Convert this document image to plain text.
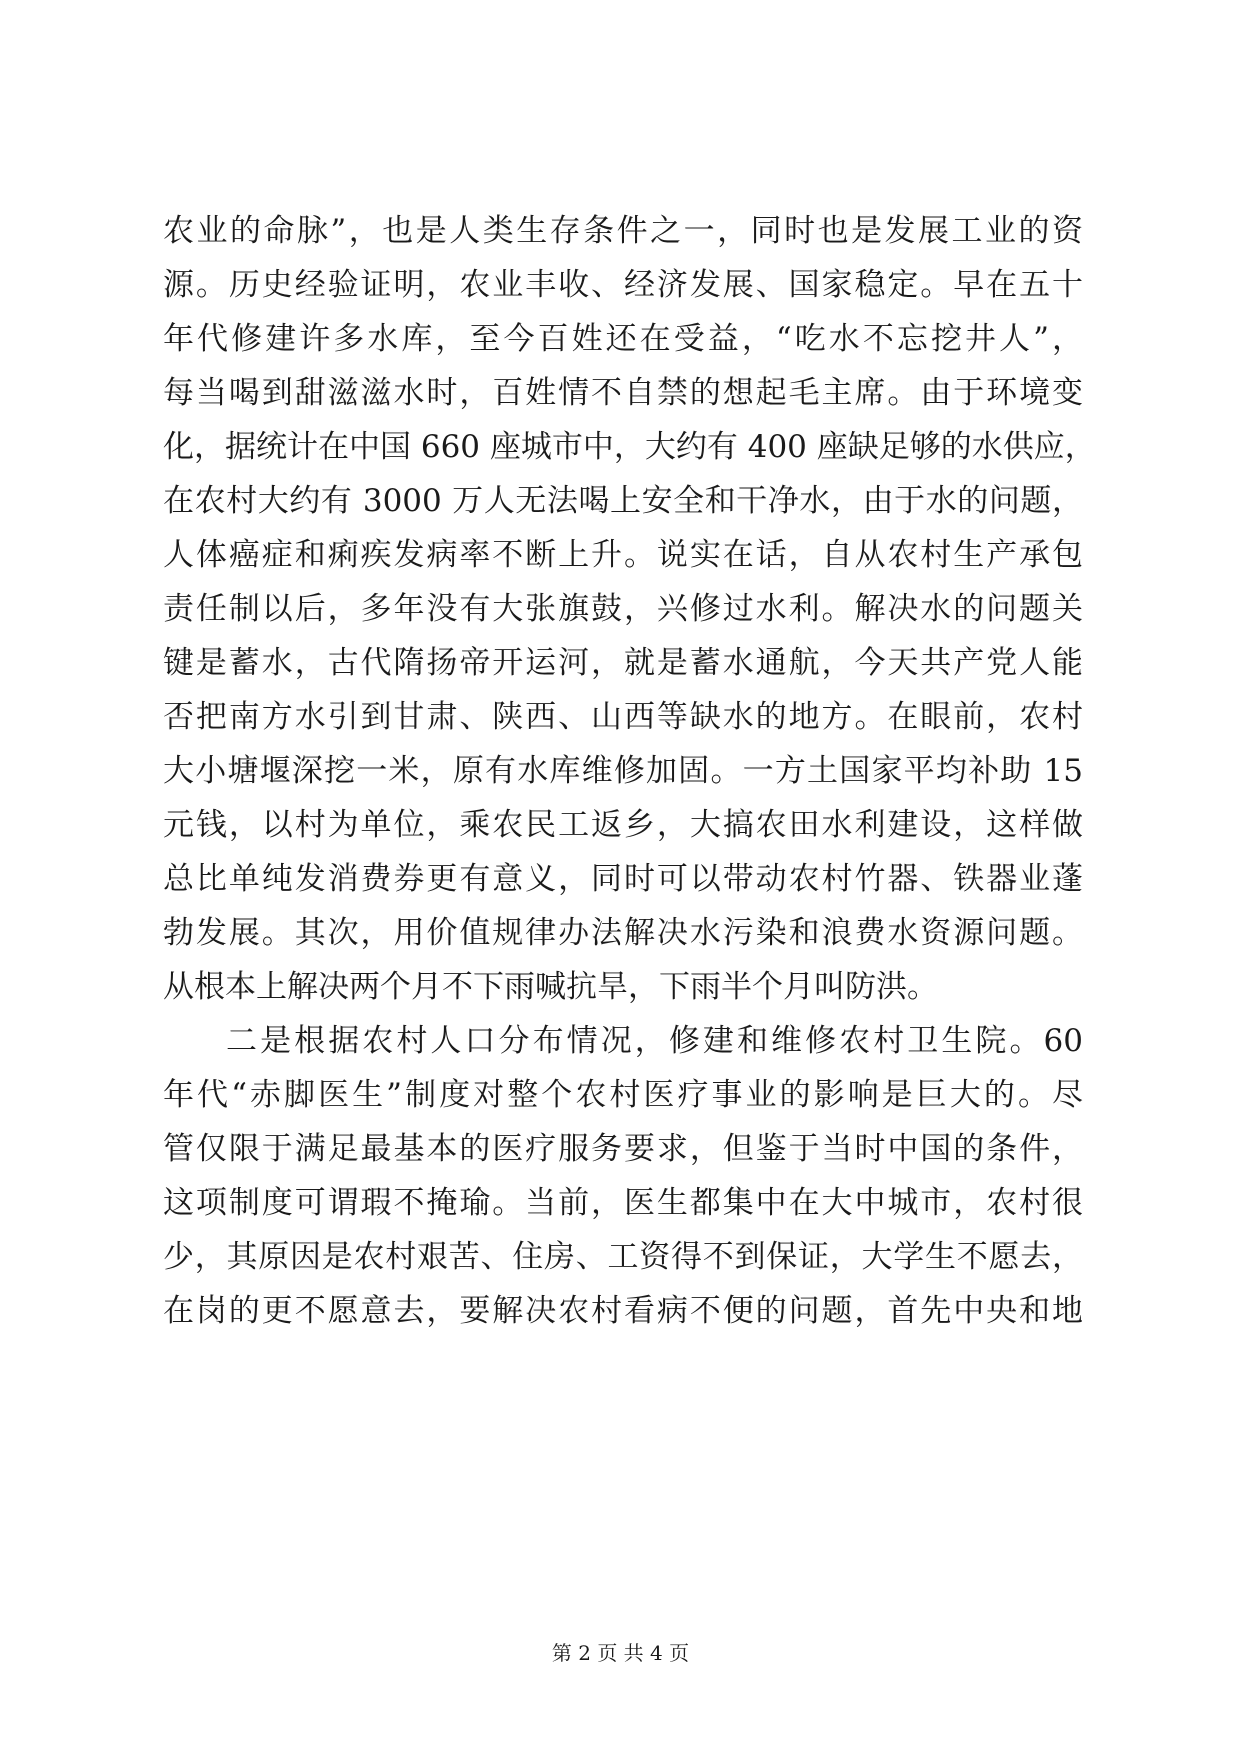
农业的命脉”，也是人类生存条件之一，同时也是发展工业的资
源。历史经验证明，农业丰收、经济发展、国家稳定。早在五十
年代修建许多水库，至今百姓还在受益，“吃水不忘挖井人”，
每当喝到甜滋滋水时，百姓情不自禁的想起毛主席。由于环境变
化，据统计在中国 660 座城市中，大约有 400 座缺足够的水供应，
在农村大约有 3000 万人无法喝上安全和干净水，由于水的问题，
人体癌症和痢疾发病率不断上升。说实在话，自从农村生产承包
责任制以后，多年没有大张旗鼓，兴修过水利。解决水的问题关
键是蓄水，古代隋扬帝开运河，就是蓄水通航，今天共产党人能
否把南方水引到甘肃、陕西、山西等缺水的地方。在眼前，农村
大小塘堰深挖一米，原有水库维修加固。一方土国家平均补助 15
元钱，以村为单位，乘农民工返乡，大搞农田水利建设，这样做
总比单纯发消费券更有意义，同时可以带动农村竹器、铁器业蓬
勃发展。其次，用价值规律办法解决水污染和浪费水资源问题。
从根本上解决两个月不下雨喊抗旱，下雨半个月叫防洪。
二是根据农村人口分布情况，修建和维修农村卫生院。60
年代“赤脚医生”制度对整个农村医疗事业的影响是巨大的。尽
管仅限于满足最基本的医疗服务要求，但鉴于当时中国的条件，
这项制度可谓瑕不掩瑜。当前，医生都集中在大中城市，农村很
少，其原因是农村艰苦、住房、工资得不到保证，大学生不愿去，
在岗的更不愿意去，要解决农村看病不便的问题，首先中央和地
第 2 页 共 4 页
